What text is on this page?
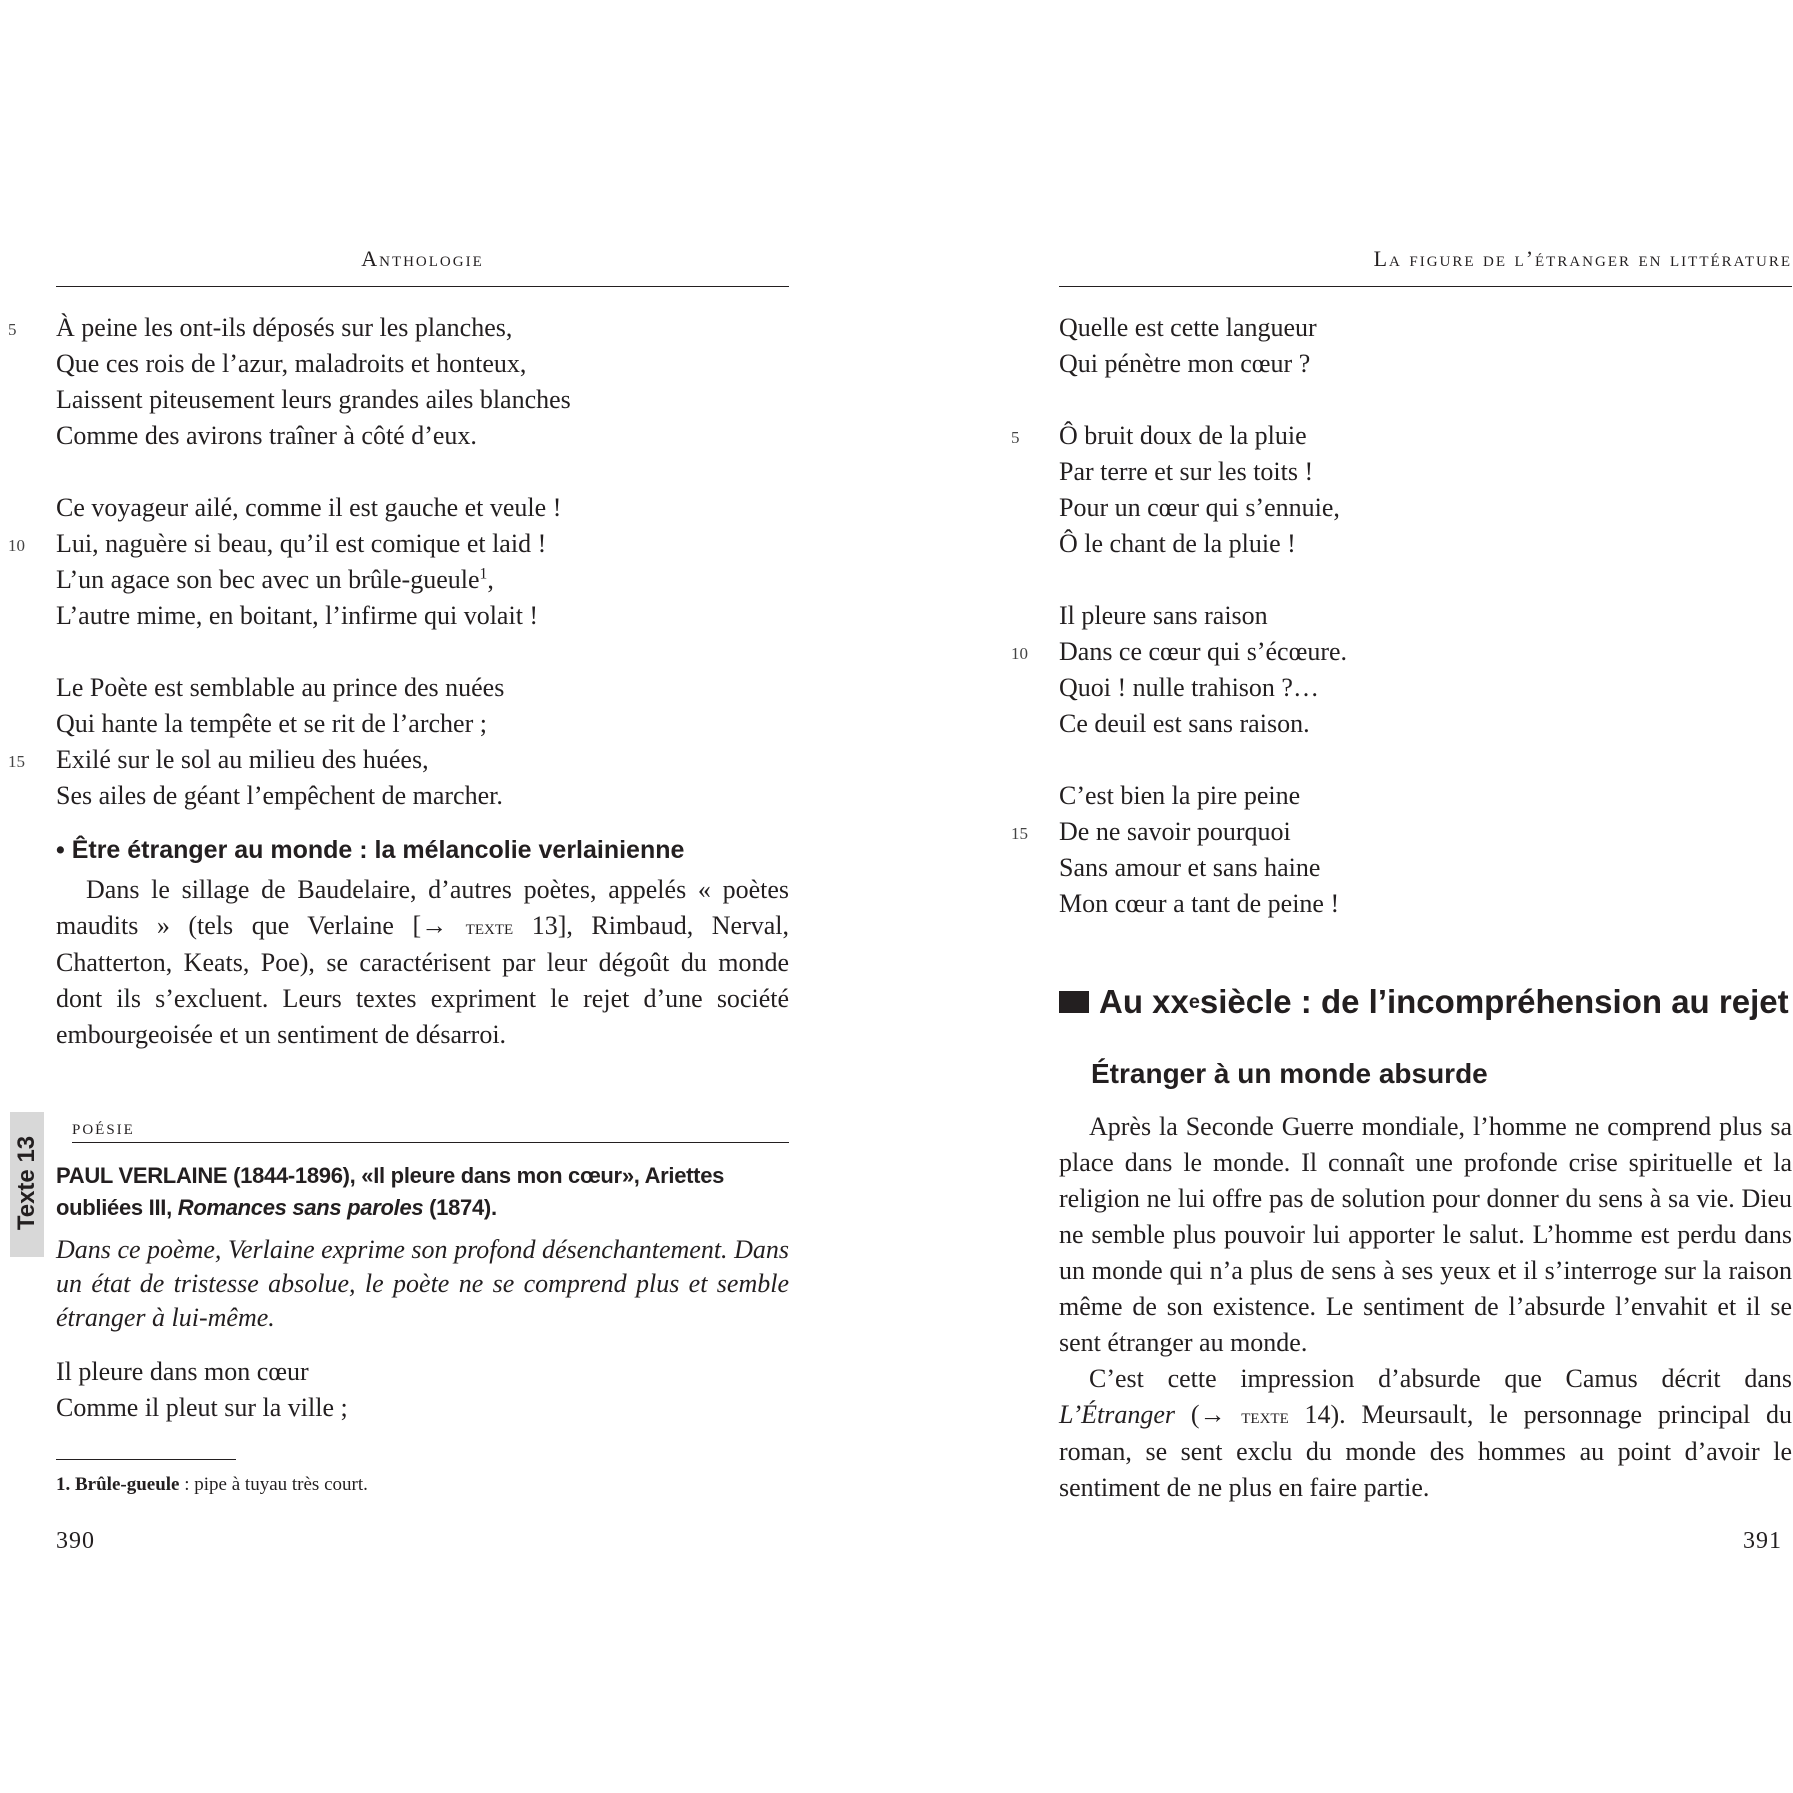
Anthologie
5	À peine les ont-ils déposés sur les planches,
Que ces rois de l’azur, maladroits et honteux,
Laissent piteusement leurs grandes ailes blanches
Comme des avirons traîner à côté d’eux.
Ce voyageur ailé, comme il est gauche et veule !
10	Lui, naguère si beau, qu’il est comique et laid !
L’un agace son bec avec un brûle-gueule$^1$,
L’autre mime, en boitant, l’infirme qui volait !
Le Poète est semblable au prince des nuées
Qui hante la tempête et se rit de l’archer ;
15	Exilé sur le sol au milieu des huées,
Ses ailes de géant l’empêchent de marcher.
• Être étranger au monde : la mélancolie verlainienne
Dans le sillage de Baudelaire, d’autres poètes, appelés « poètes maudits » (tels que Verlaine [→ texte 13], Rimbaud, Nerval, Chatterton, Keats, Poe), se caractérisent par leur dégoût du monde dont ils s’excluent. Leurs textes expriment le rejet d’une société embourgeoisée et un sentiment de désarroi.
Texte 13
poésie
PAUL VERLAINE (1844-1896), «Il pleure dans mon cœur», Ariettes oubliées III, Romances sans paroles (1874).
Dans ce poème, Verlaine exprime son profond désenchantement. Dans un état de tristesse absolue, le poète ne se comprend plus et semble étranger à lui-même.
Il pleure dans mon cœur
Comme il pleut sur la ville ;
1. Brûle-gueule : pipe à tuyau très court.
390
La figure de l’étranger en littérature
Quelle est cette langueur
Qui pénètre mon cœur ?
5	Ô bruit doux de la pluie
Par terre et sur les toits !
Pour un cœur qui s’ennuie,
Ô le chant de la pluie !
Il pleure sans raison
10	Dans ce cœur qui s’écœure.
Quoi ! nulle trahison ?…
Ce deuil est sans raison.
C’est bien la pire peine
15	De ne savoir pourquoi
Sans amour et sans haine
Mon cœur a tant de peine !
Au xx e siècle : de l’incompréhension au rejet
Étranger à un monde absurde
Après la Seconde Guerre mondiale, l’homme ne comprend plus sa place dans le monde. Il connaît une profonde crise spirituelle et la religion ne lui offre pas de solution pour donner du sens à sa vie. Dieu ne semble plus pouvoir lui apporter le salut. L’homme est perdu dans un monde qui n’a plus de sens à ses yeux et il s’interroge sur la raison même de son existence. Le sentiment de l’absurde l’envahit et il se sent étranger au monde.
C’est cette impression d’absurde que Camus décrit dans L’Étranger (→ texte 14). Meursault, le personnage principal du roman, se sent exclu du monde des hommes au point d’avoir le sentiment de ne plus en faire partie.
391
